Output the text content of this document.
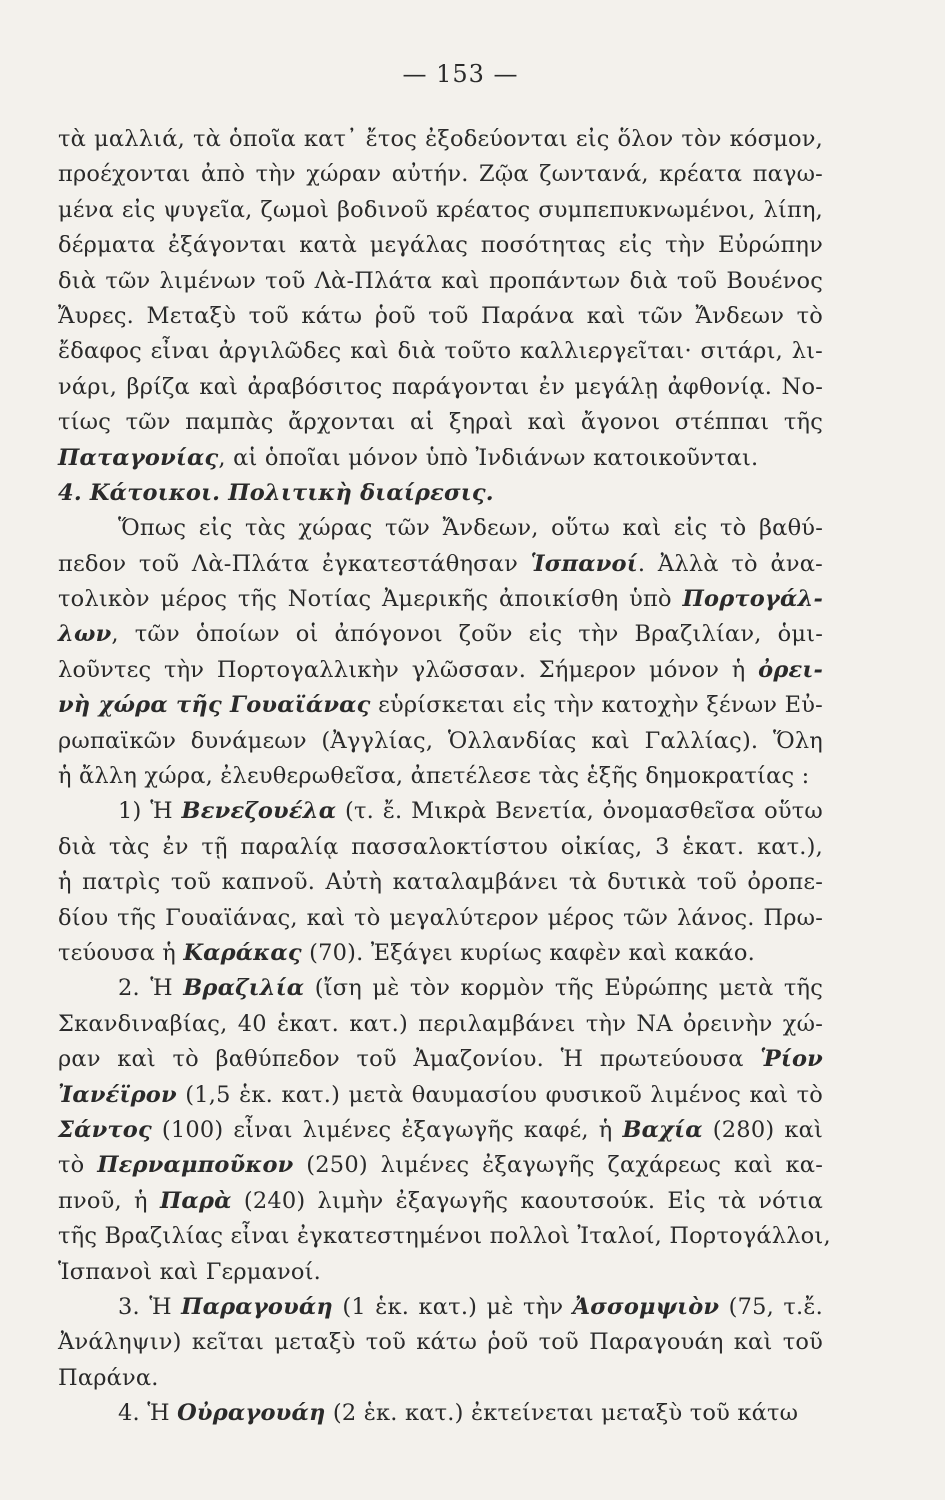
— 153 —
τὰ μαλλιά, τὰ ὁποῖα κατ᾿ ἔτος ἐξοδεύονται εἰς ὅλον τὸν κόσμον,
προέχονται ἀπὸ τὴν χώραν αὐτήν. Ζῷα ζωντανά, κρέατα παγω-
μένα εἰς ψυγεῖα, ζωμοὶ βοδινοῦ κρέατος συμπεπυκνωμένοι, λίπη,
δέρματα ἐξάγονται κατὰ μεγάλας ποσότητας εἰς τὴν Εὐρώπην
διὰ τῶν λιμένων τοῦ Λὰ-Πλάτα καὶ προπάντων διὰ τοῦ Βουένος
Ἄυρες. Μεταξὺ τοῦ κάτω ῥοῦ τοῦ Παράνα καὶ τῶν Ἄνδεων τὸ
ἔδαφος εἶναι ἀργιλῶδες καὶ διὰ τοῦτο καλλιεργεῖται· σιτάρι, λι-
νάρι, βρίζα καὶ ἀραβόσιτος παράγονται ἐν μεγάλῃ ἀφθονίᾳ. Νο-
τίως τῶν παμπὰς ἄρχονται αἱ ξηραὶ καὶ ἄγονοι στέππαι τῆς
Παταγονίας, αἱ ὁποῖαι μόνον ὑπὸ Ἰνδιάνων κατοικοῦνται.
4. Κάτοικοι. Πολιτικὴ διαίρεσις.
Ὅπως εἰς τὰς χώρας τῶν Ἄνδεων, οὕτω καὶ εἰς τὸ βαθύ-
πεδον τοῦ Λὰ-Πλάτα ἐγκατεστάθησαν Ἱσπανοί. Ἀλλὰ τὸ ἀνα-
τολικὸν μέρος τῆς Νοτίας Ἀμερικῆς ἀποικίσθη ὑπὸ Πορτογάλ-
λων, τῶν ὁποίων οἱ ἀπόγονοι ζοῦν εἰς τὴν Βραζιλίαν, ὁμι-
λοῦντες τὴν Πορτογαλλικὴν γλῶσσαν. Σήμερον μόνον ἡ ὀρει-
νὴ χώρα τῆς Γουαϊάνας εὑρίσκεται εἰς τὴν κατοχὴν ξένων Εὐ-
ρωπαϊκῶν δυνάμεων (Ἀγγλίας, Ὁλλανδίας καὶ Γαλλίας). Ὅλη
ἡ ἄλλη χώρα, ἐλευθερωθεῖσα, ἀπετέλεσε τὰς ἑξῆς δημοκρατίας :
1) Ἡ Βενεζουέλα (τ. ἔ. Μικρὰ Βενετία, ὀνομασθεῖσα οὕτω
διὰ τὰς ἐν τῇ παραλίᾳ πασσαλοκτίστου οἰκίας, 3 ἑκατ. κατ.),
ἡ πατρὶς τοῦ καπνοῦ. Αὐτὴ καταλαμβάνει τὰ δυτικὰ τοῦ ὀροπε-
δίου τῆς Γουαϊάνας, καὶ τὸ μεγαλύτερον μέρος τῶν λάνος. Πρω-
τεύουσα ἡ Καράκας (70). Ἐξάγει κυρίως καφὲν καὶ κακάο.
2. Ἡ Βραζιλία (ἴση μὲ τὸν κορμὸν τῆς Εὐρώπης μετὰ τῆς
Σκανδιναβίας, 40 ἑκατ. κατ.) περιλαμβάνει τὴν ΝΑ ὀρεινὴν χώ-
ραν καὶ τὸ βαθύπεδον τοῦ Ἀμαζονίου. Ἡ πρωτεύουσα Ῥίον
Ἰανέϊρον (1,5 ἑκ. κατ.) μετὰ θαυμασίου φυσικοῦ λιμένος καὶ τὸ
Σάντος (100) εἶναι λιμένες ἐξαγωγῆς καφέ, ἡ Βαχία (280) καὶ
τὸ Περναμποῦκον (250) λιμένες ἐξαγωγῆς ζαχάρεως καὶ κα-
πνοῦ, ἡ Παρὰ (240) λιμὴν ἐξαγωγῆς καουτσούκ. Εἰς τὰ νότια
τῆς Βραζιλίας εἶναι ἐγκατεστημένοι πολλοὶ Ἰταλοί, Πορτογάλλοι,
Ἱσπανοὶ καὶ Γερμανοί.
3. Ἡ Παραγουάη (1 ἑκ. κατ.) μὲ τὴν Ἀσσομψιὸν (75, τ.ἔ.
Ἀνάληψιν) κεῖται μεταξὺ τοῦ κάτω ῥοῦ τοῦ Παραγουάη καὶ τοῦ
Παράνα.
4. Ἡ Οὐραγουάη (2 ἑκ. κατ.) ἐκτείνεται μεταξὺ τοῦ κάτω
